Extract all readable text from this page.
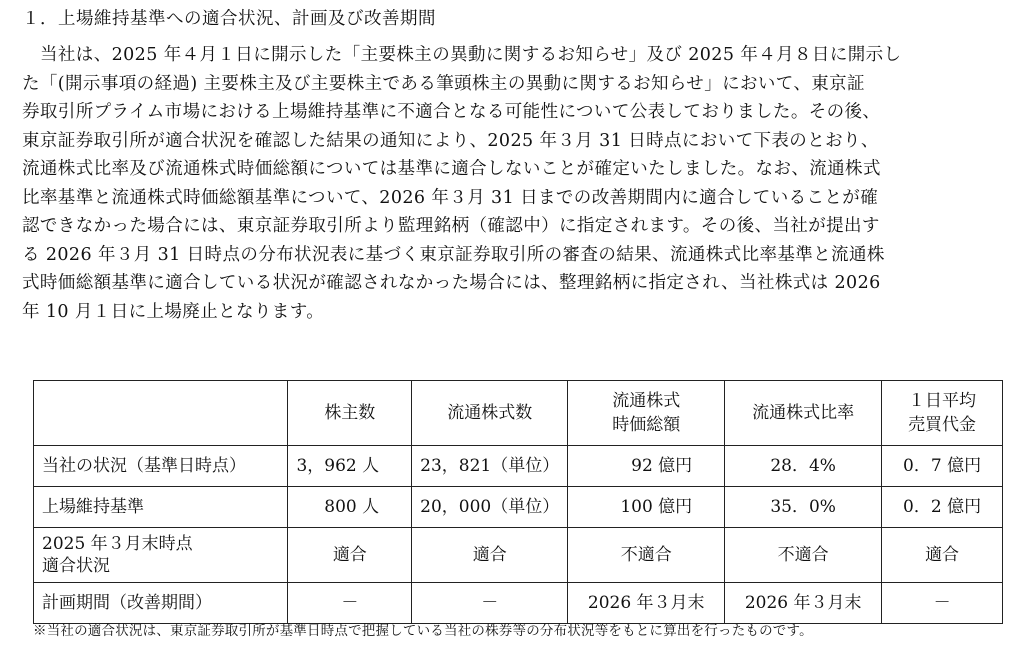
１．上場維持基準への適合状況、計画及び改善期間
当社は、2025 年４月１日に開示した「主要株主の異動に関するお知らせ」及び 2025 年４月８日に開示し
た「(開示事項の経過) 主要株主及び主要株主である筆頭株主の異動に関するお知らせ」において、東京証
券取引所プライム市場における上場維持基準に不適合となる可能性について公表しておりました。その後、
東京証券取引所が適合状況を確認した結果の通知により、2025 年３月 31 日時点において下表のとおり、
流通株式比率及び流通株式時価総額については基準に適合しないことが確定いたしました。なお、流通株式
比率基準と流通株式時価総額基準について、2026 年３月 31 日までの改善期間内に適合していることが確
認できなかった場合には、東京証券取引所より監理銘柄（確認中）に指定されます。その後、当社が提出す
る 2026 年３月 31 日時点の分布状況表に基づく東京証券取引所の審査の結果、流通株式比率基準と流通株
式時価総額基準に適合している状況が確認されなかった場合には、整理銘柄に指定され、当社株式は 2026
年 10 月１日に上場廃止となります。
	株主数	流通株式数	流通株式
時価総額	流通株式比率	１日平均
売買代金
当社の状況（基準日時点）	3，962 人	23，821（単位）	92 億円	28．4%	0．7 億円
上場維持基準	800 人	20，000（単位）	100 億円	35．0%	0．2 億円
2025 年３月末時点
適合状況	適合	適合	不適合	不適合	適合
計画期間（改善期間）	－	－	2026 年３月末	2026 年３月末	－
※当社の適合状況は、東京証券取引所が基準日時点で把握している当社の株券等の分布状況等をもとに算出を行ったものです。
